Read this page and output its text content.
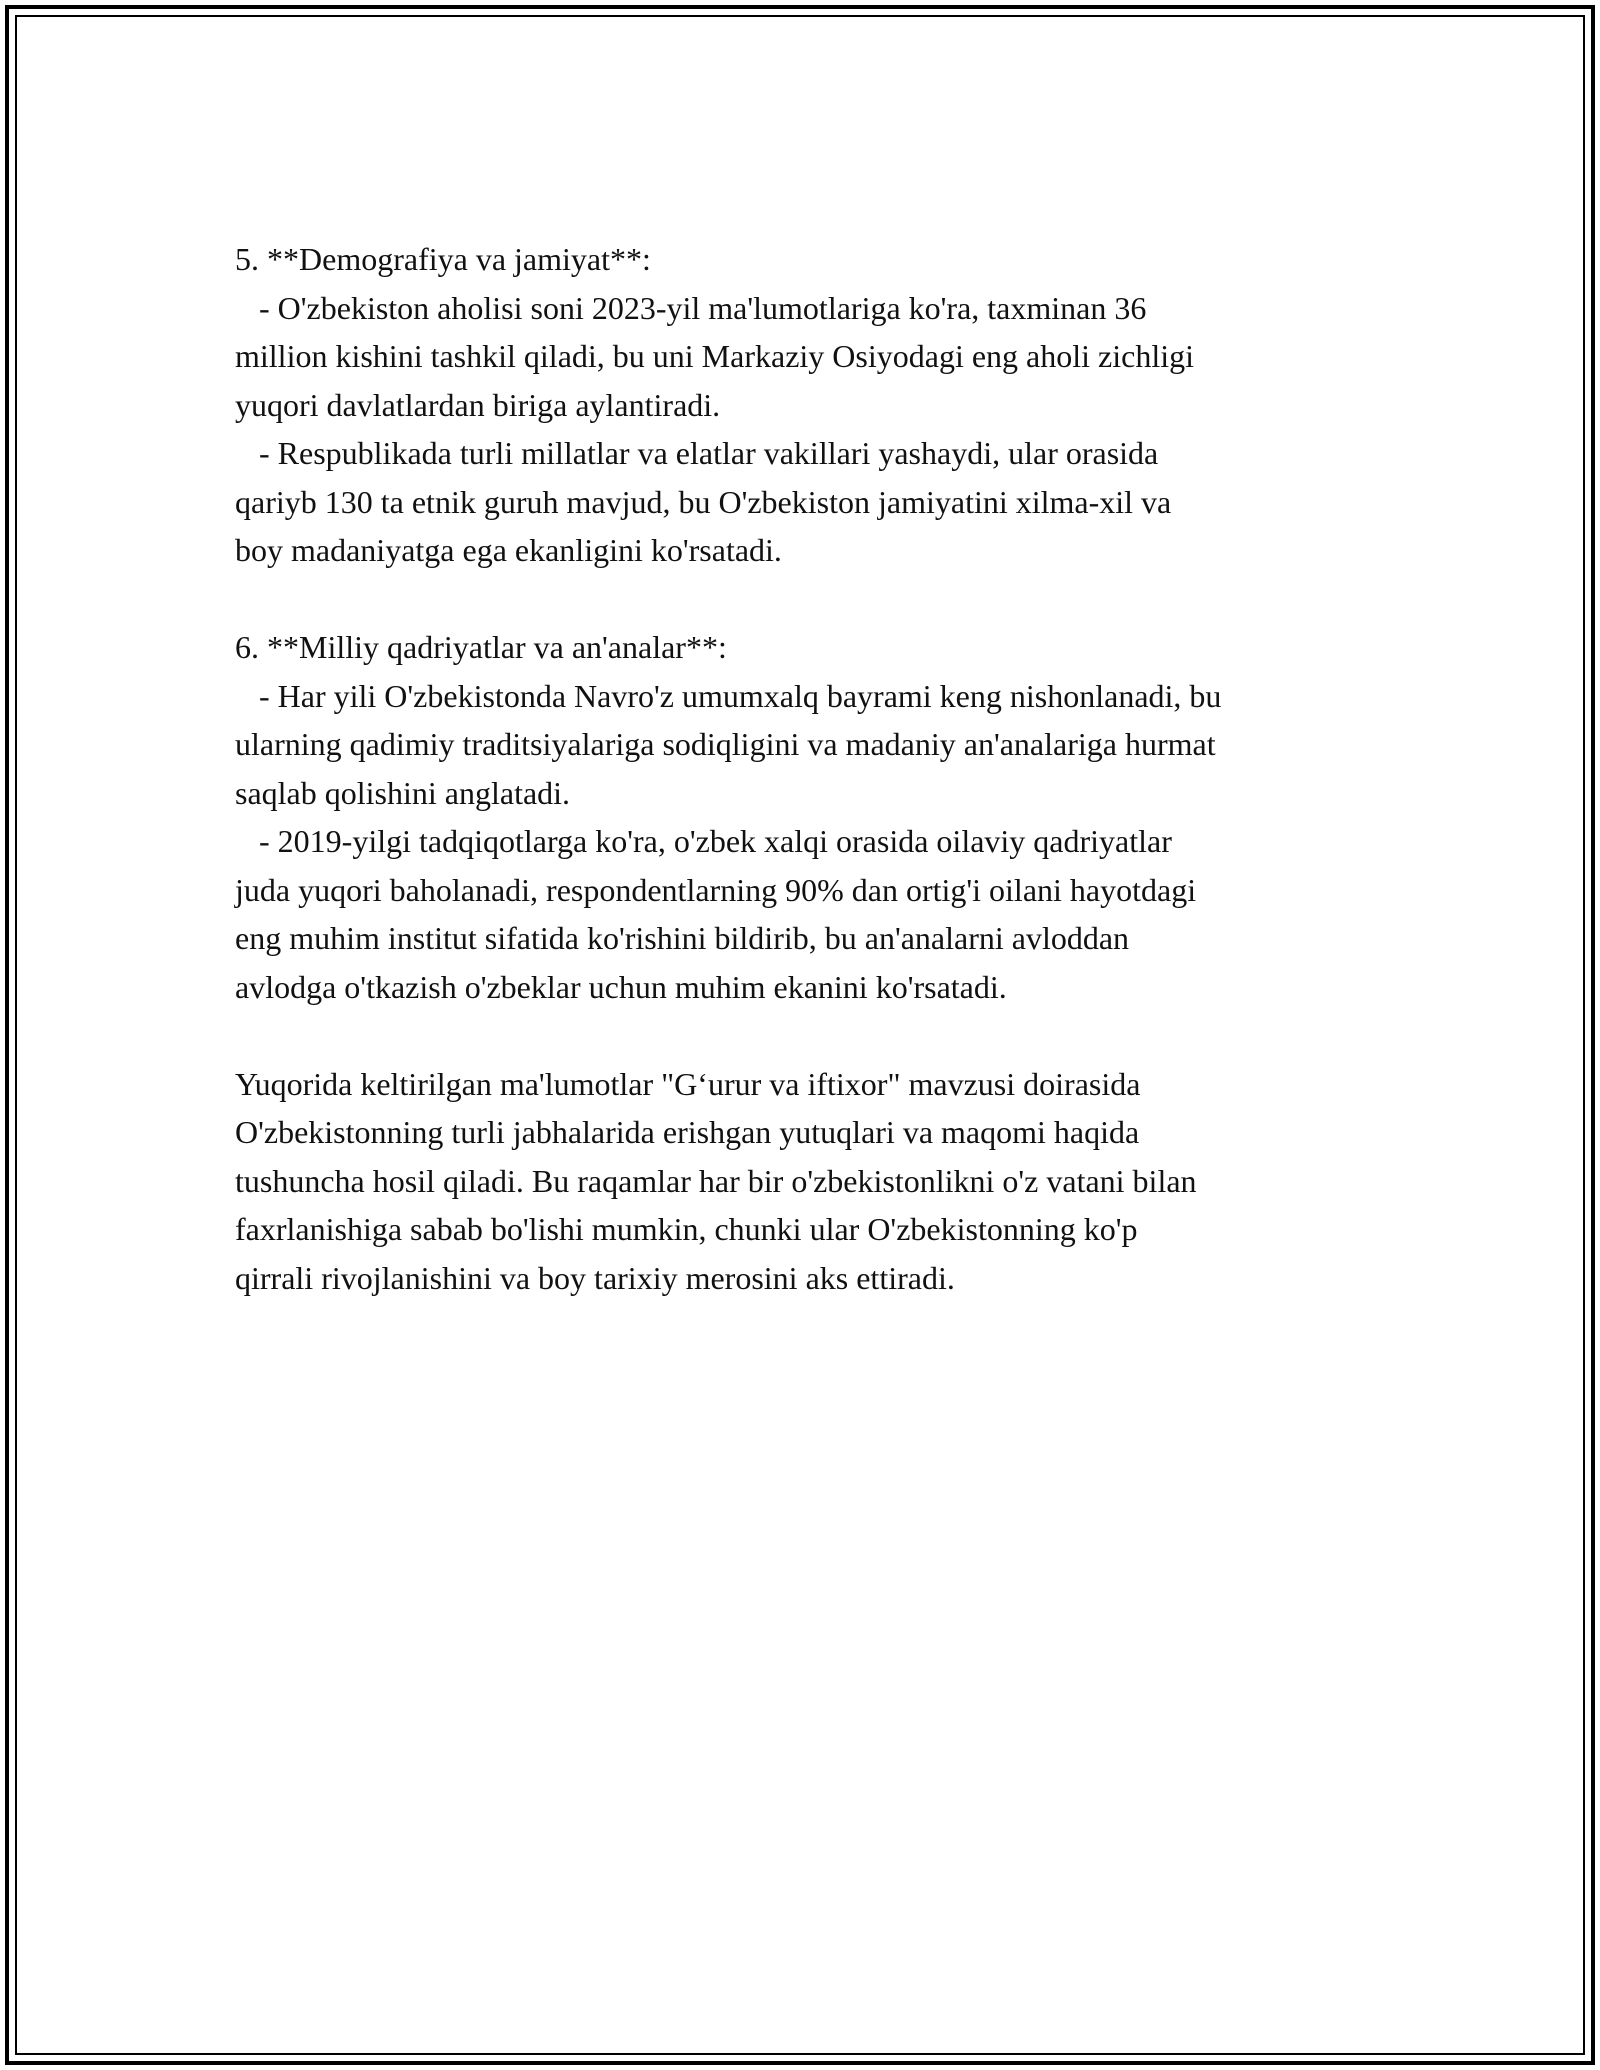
5. **Demografiya va jamiyat**:
- O'zbekiston aholisi soni 2023-yil ma'lumotlariga ko'ra, taxminan 36
million kishini tashkil qiladi, bu uni Markaziy Osiyodagi eng aholi zichligi
yuqori davlatlardan biriga aylantiradi.
- Respublikada turli millatlar va elatlar vakillari yashaydi, ular orasida
qariyb 130 ta etnik guruh mavjud, bu O'zbekiston jamiyatini xilma-xil va
boy madaniyatga ega ekanligini ko'rsatadi.

6. **Milliy qadriyatlar va an'analar**:
- Har yili O'zbekistonda Navro'z umumxalq bayrami keng nishonlanadi, bu
ularning qadimiy traditsiyalariga sodiqligini va madaniy an'analariga hurmat
saqlab qolishini anglatadi.
- 2019-yilgi tadqiqotlarga ko'ra, o'zbek xalqi orasida oilaviy qadriyatlar
juda yuqori baholanadi, respondentlarning 90% dan ortig'i oilani hayotdagi
eng muhim institut sifatida ko'rishini bildirib, bu an'analarni avloddan
avlodga o'tkazish o'zbeklar uchun muhim ekanini ko'rsatadi.

Yuqorida keltirilgan ma'lumotlar "G‘urur va iftixor" mavzusi doirasida
O'zbekistonning turli jabhalarida erishgan yutuqlari va maqomi haqida
tushuncha hosil qiladi. Bu raqamlar har bir o'zbekistonlikni o'z vatani bilan
faxrlanishiga sabab bo'lishi mumkin, chunki ular O'zbekistonning ko'p
qirrali rivojlanishini va boy tarixiy merosini aks ettiradi.
